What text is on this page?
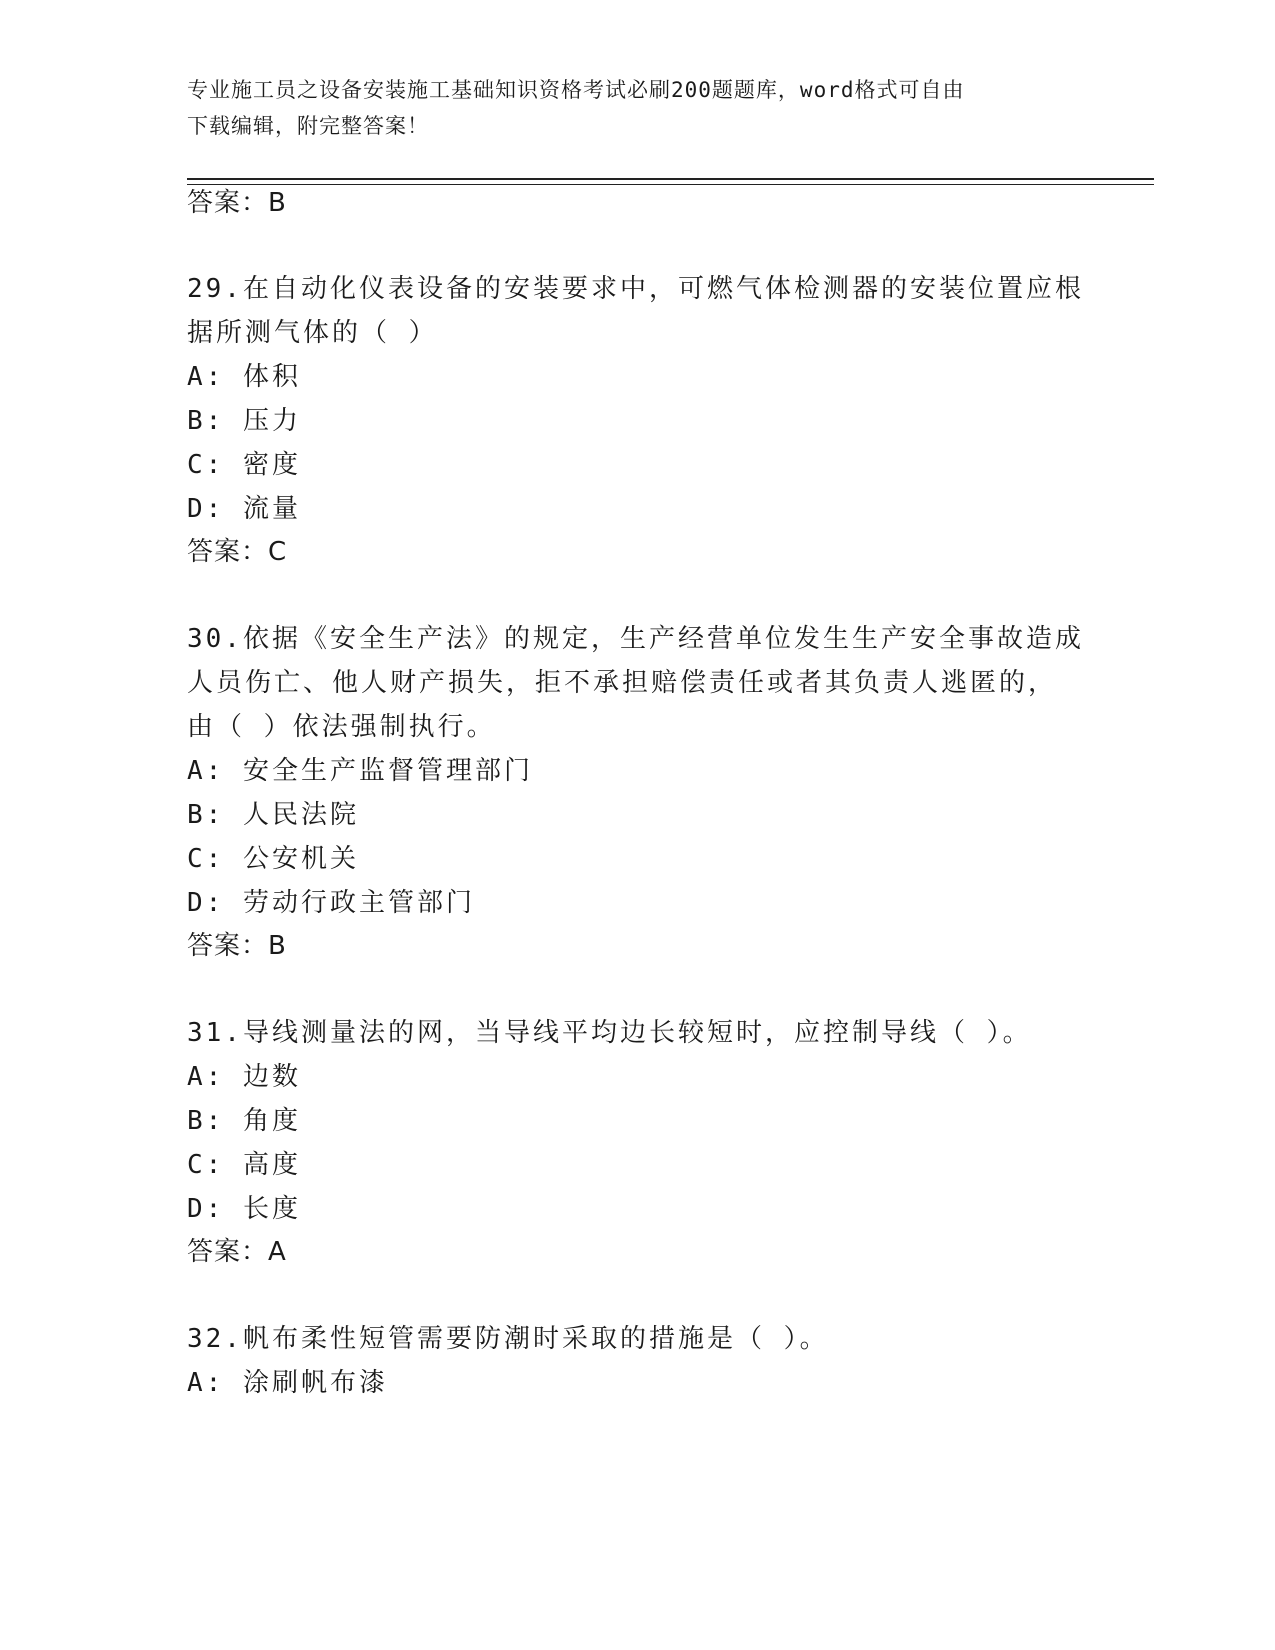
专业施工员之设备安装施工基础知识资格考试必刷200题题库，word格式可自由
下载编辑，附完整答案！
答案：B
29.在自动化仪表设备的安装要求中，可燃气体检测器的安装位置应根
据所测气体的（ ）
A: 体积
B: 压力
C: 密度
D: 流量
答案：C
30.依据《安全生产法》的规定，生产经营单位发生生产安全事故造成
人员伤亡、他人财产损失，拒不承担赔偿责任或者其负责人逃匿的，
由（ ）依法强制执行。
A: 安全生产监督管理部门
B: 人民法院
C: 公安机关
D: 劳动行政主管部门
答案：B
31.导线测量法的网，当导线平均边长较短时，应控制导线（ ）。
A: 边数
B: 角度
C: 高度
D: 长度
答案：A
32.帆布柔性短管需要防潮时采取的措施是（ ）。
A: 涂刷帆布漆
